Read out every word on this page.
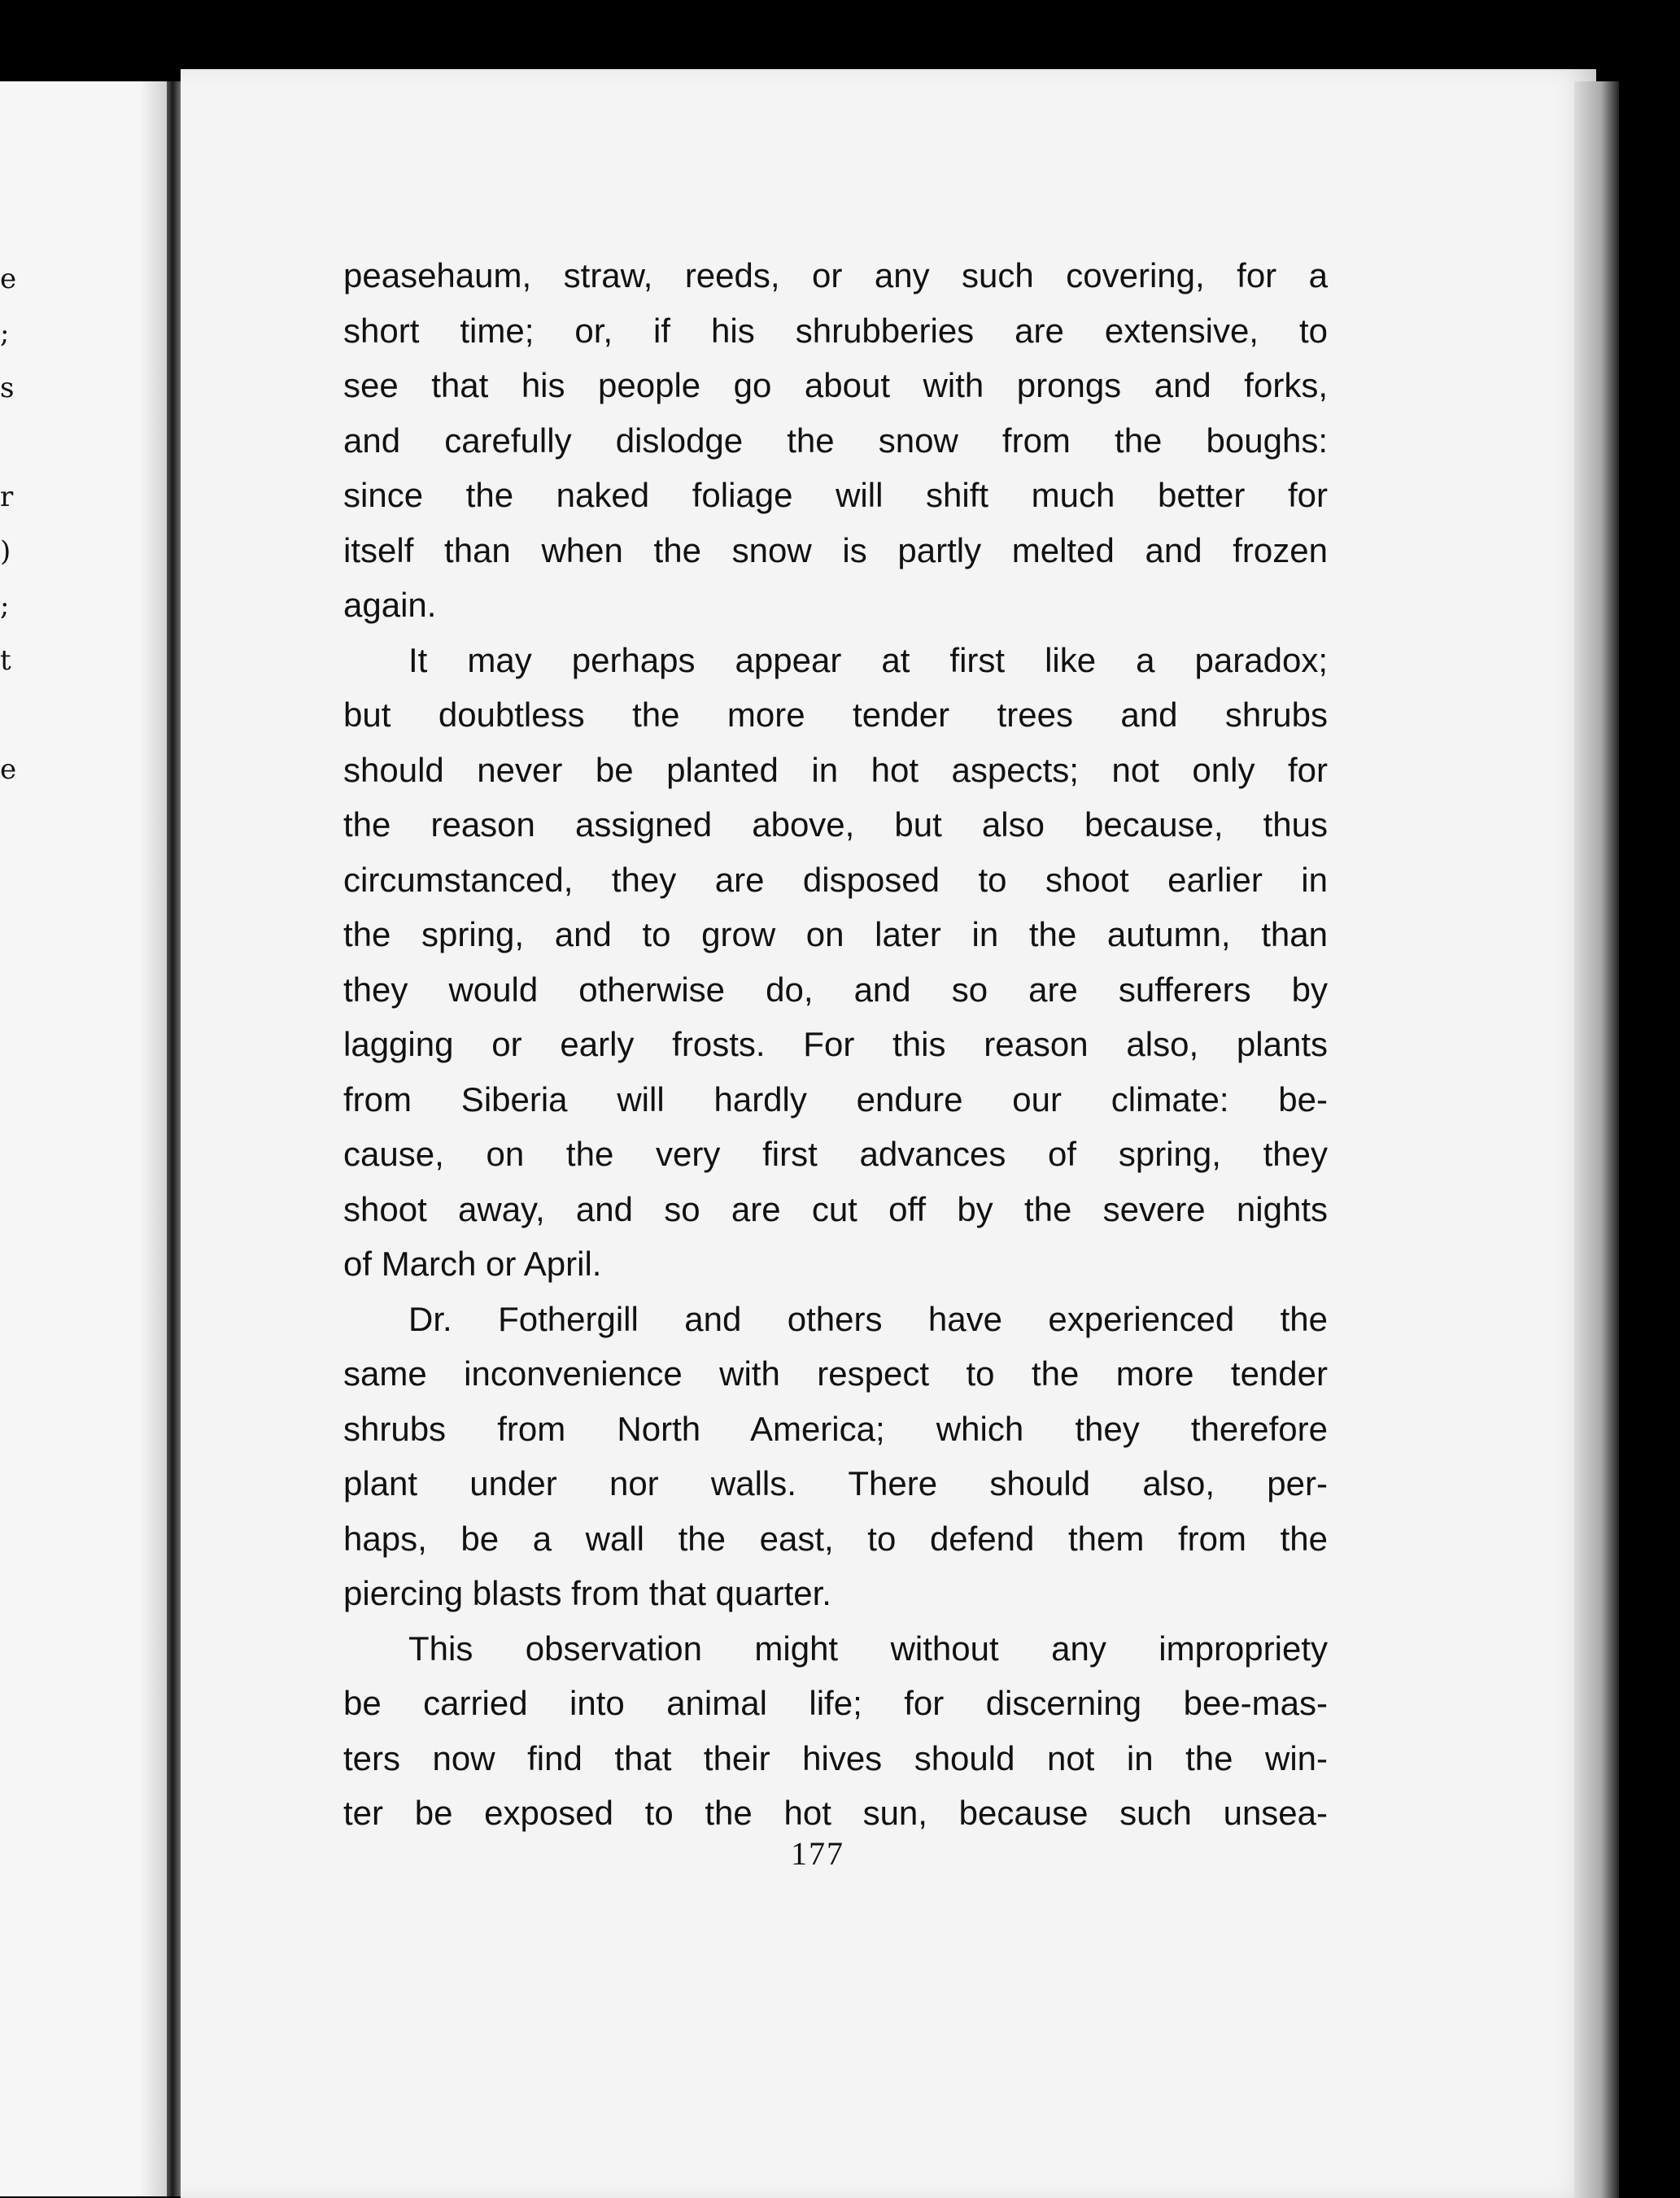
e
;
s
r
)
;
t
e
peasehaum, straw, reeds, or any such covering, for a
short time; or, if his shrubberies are extensive, to
see that his people go about with prongs and forks,
and carefully dislodge the snow from the boughs:
since the naked foliage will shift much better for
itself than when the snow is partly melted and frozen
again.
It may perhaps appear at first like a paradox;
but doubtless the more tender trees and shrubs
should never be planted in hot aspects; not only for
the reason assigned above, but also because, thus
circumstanced, they are disposed to shoot earlier in
the spring, and to grow on later in the autumn, than
they would otherwise do, and so are sufferers by
lagging or early frosts. For this reason also, plants
from Siberia will hardly endure our climate: be-
cause, on the very first advances of spring, they
shoot away, and so are cut off by the severe nights
of March or April.
Dr. Fothergill and others have experienced the
same inconvenience with respect to the more tender
shrubs from North America; which they therefore
plant under nor walls. There should also, per-
haps, be a wall the east, to defend them from the
piercing blasts from that quarter.
This observation might without any impropriety
be carried into animal life; for discerning bee-mas-
ters now find that their hives should not in the win-
ter be exposed to the hot sun, because such unsea-
177
